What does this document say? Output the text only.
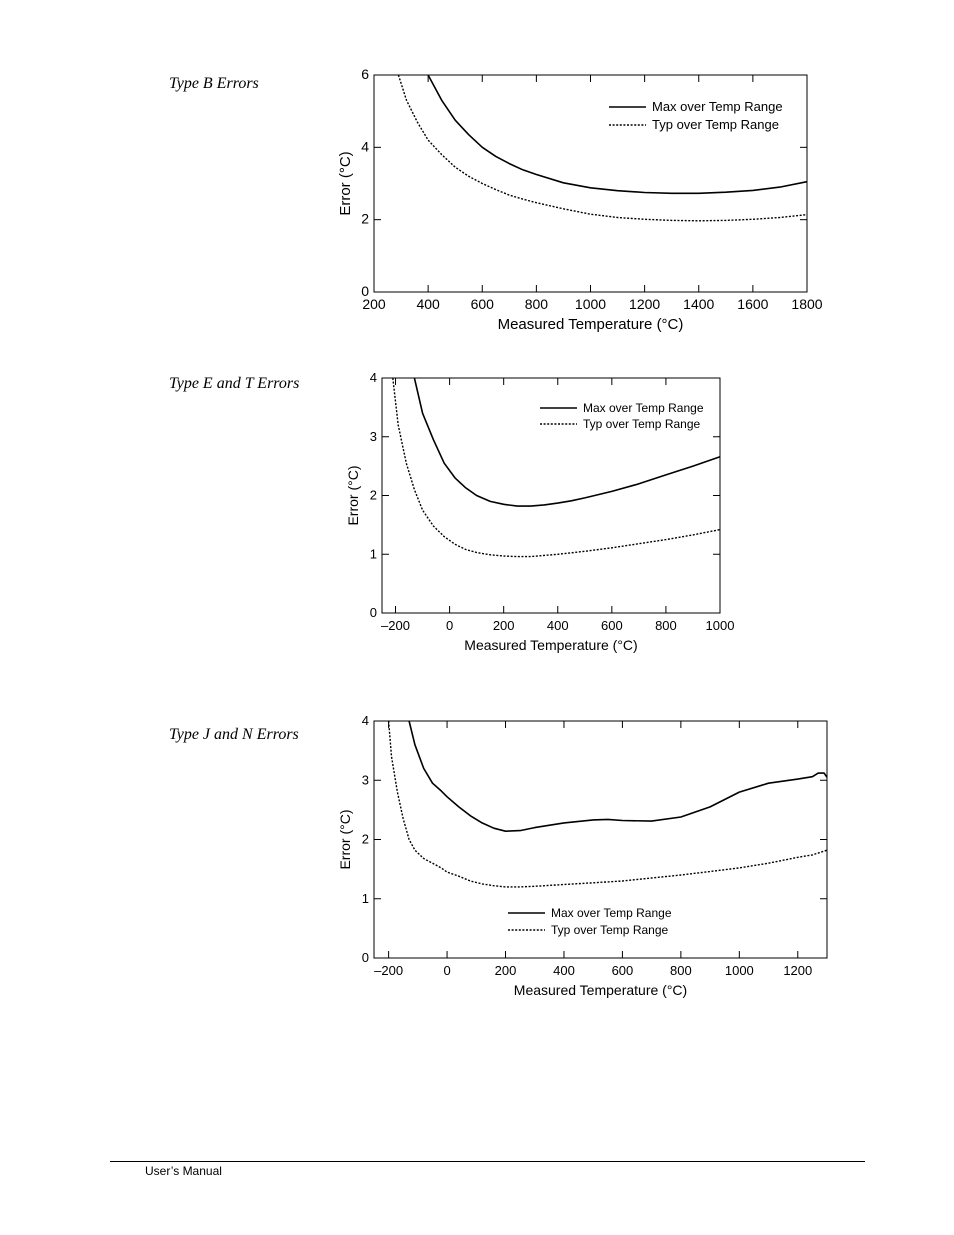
Type B Errors
Type E and T Errors
Type J and N Errors
200 400 600 800 1000 1200 1400 1600 1800
0
2
4
6
Measured Temperature (°C)
Error (°C)
Max over Temp Range
Typ over Temp Range
–200	0	200 400 600 800 1000
0
1
2
3
4
Measured Temperature (°C)
Error (°C)
Max over Temp Range
Typ over Temp Range
–200	0	200	400	600	800	1000 1200
0
1
2
3
4
Measured Temperature (°C)
Error (°C)
Max over Temp Range
Typ over Temp Range
User’s Manual
